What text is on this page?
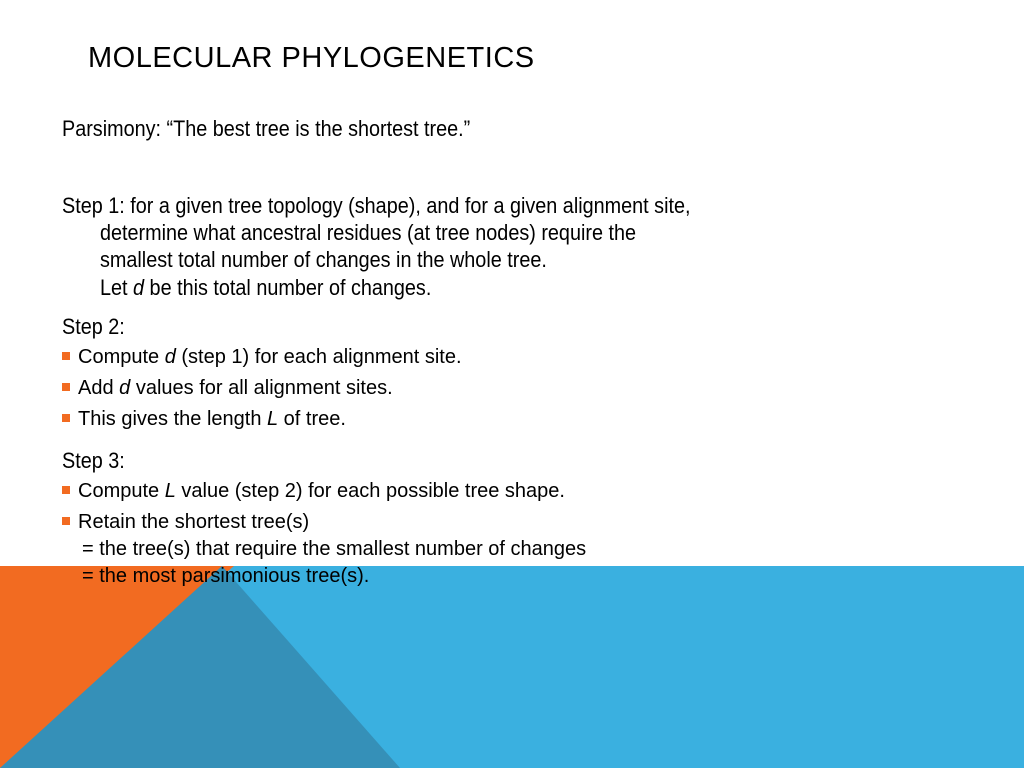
MOLECULAR PHYLOGENETICS
Parsimony: “The best tree is the shortest tree.”
Step 1: for a given tree topology (shape), and for a given alignment site,
determine what ancestral residues (at tree nodes) require the
smallest total number of changes in the whole tree.
Let d be this total number of changes.
Step 2:
Compute d (step 1) for each alignment site.
Add d values for all alignment sites.
This gives the length L of tree.
Step 3:
Compute L value (step 2) for each possible tree shape.
Retain the shortest tree(s)
= the tree(s) that require the smallest number of changes
= the most parsimonious tree(s).
